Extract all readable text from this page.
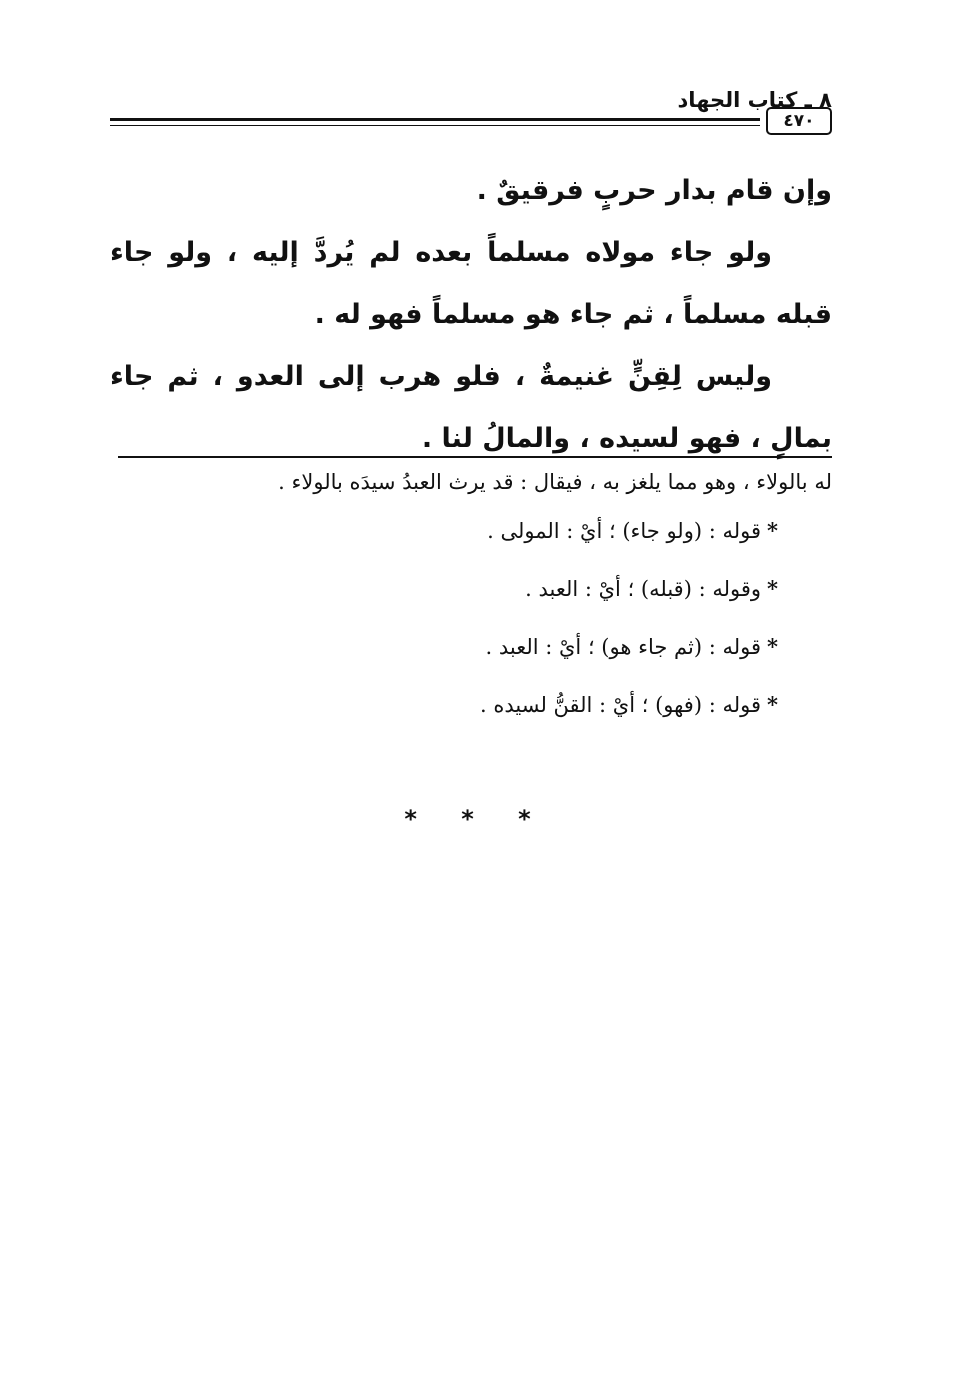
٨ ـ كتاب الجهاد
٤٧٠

وإن قام بدار حربٍ فرقيقٌ .

ولو جاء مولاه مسلماً بعده لم يُردَّ إليه ، ولو جاء قبله مسلماً ، ثم جاء هو مسلماً فهو له .

وليس لِقِنٍّ غنيمةٌ ، فلو هرب إلى العدو ، ثم جاء بمالٍ ، فهو لسيده ، والمالُ لنا .

له بالولاء ، وهو مما يلغز به ، فيقال : قد يرث العبدُ سيدَه بالولاء .

*قوله : (ولو جاء) ؛ أيْ : المولى .

*وقوله : (قبله) ؛ أيْ : العبد .

*قوله : (ثم جاء هو) ؛ أيْ : العبد .

*قوله : (فهو) ؛ أيْ : القنُّ لسيده .

* * *
